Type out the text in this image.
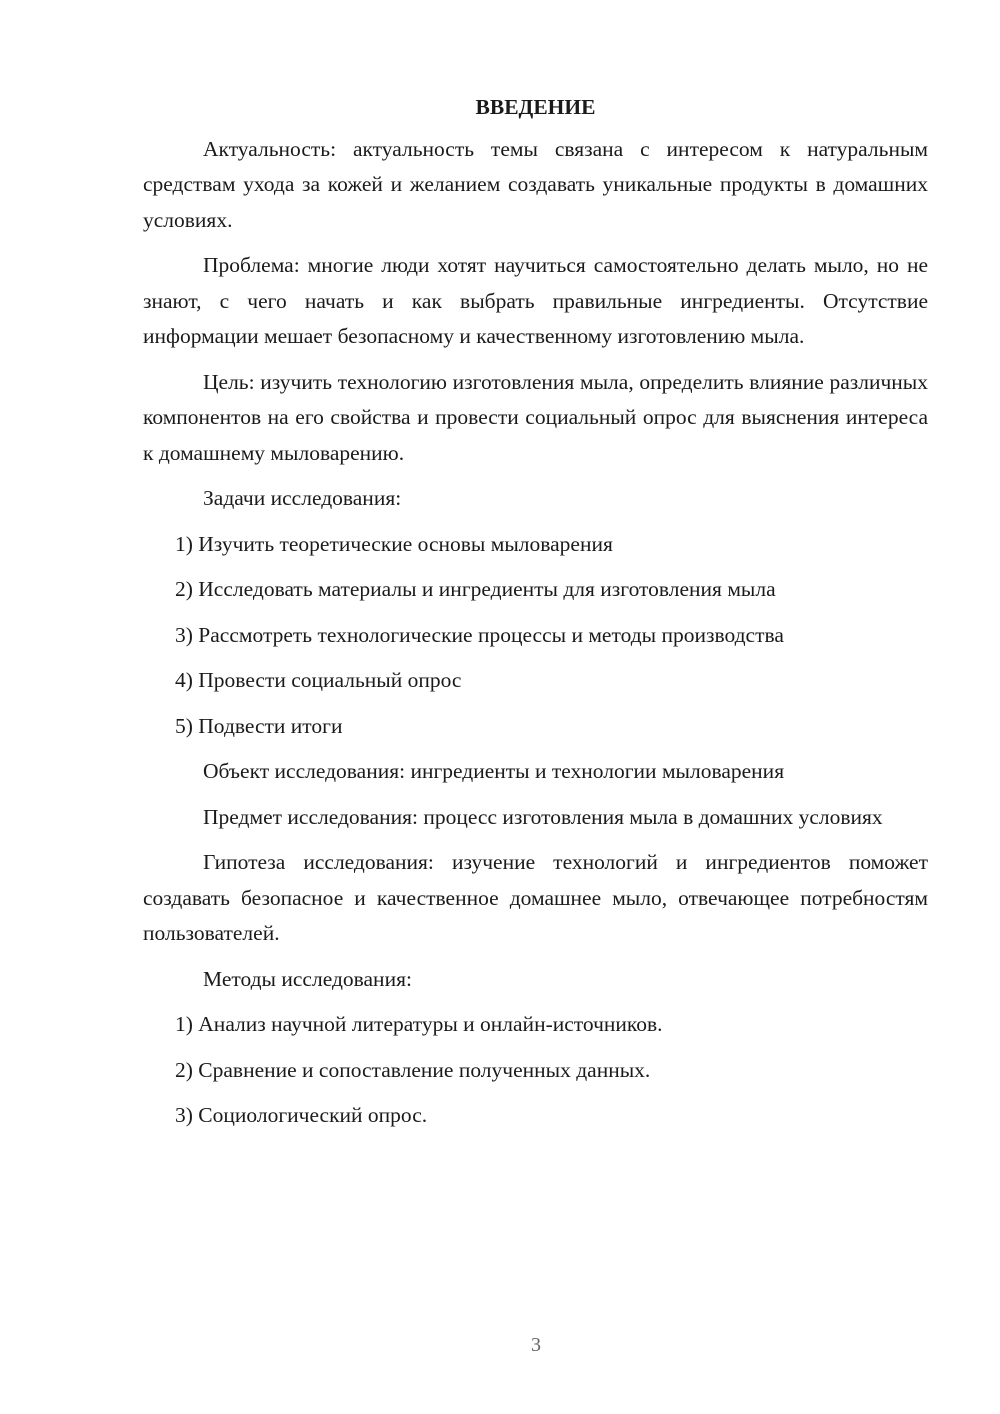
ВВЕДЕНИЕ

Актуальность: актуальность темы связана с интересом к натуральным средствам ухода за кожей и желанием создавать уникальные продукты в домашних условиях.

Проблема: многие люди хотят научиться самостоятельно делать мыло, но не знают, с чего начать и как выбрать правильные ингредиенты. Отсутствие информации мешает безопасному и качественному изготовлению мыла.

Цель: изучить технологию изготовления мыла, определить влияние различных компонентов на его свойства и провести социальный опрос для выяснения интереса к домашнему мыловарению.

Задачи исследования:

1) Изучить теоретические основы мыловарения

2) Исследовать материалы и ингредиенты для изготовления мыла

3) Рассмотреть технологические процессы и методы производства

4) Провести социальный опрос

5) Подвести итоги

Объект исследования: ингредиенты и технологии мыловарения

Предмет исследования: процесс изготовления мыла в домашних условиях

Гипотеза исследования: изучение технологий и ингредиентов поможет создавать безопасное и качественное домашнее мыло, отвечающее потребностям пользователей.

Методы исследования:

1) Анализ научной литературы и онлайн-источников.

2) Сравнение и сопоставление полученных данных.

3) Социологический опрос.

3
